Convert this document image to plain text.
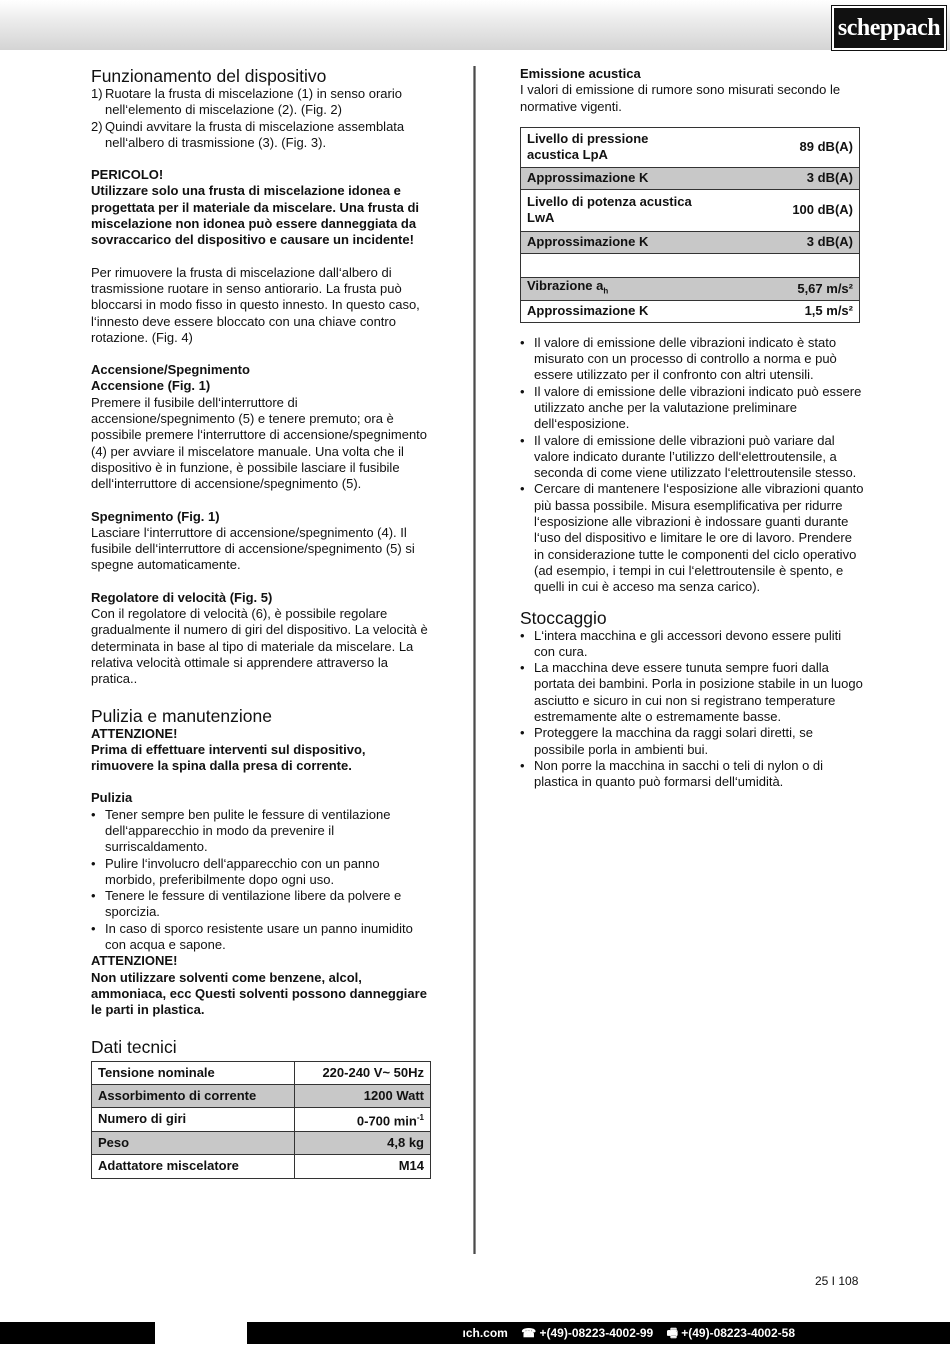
scheppach
Funzionamento del dispositivo
1) Ruotare la frusta di miscelazione (1) in senso orario nell‘elemento di miscelazione (2). (Fig. 2)
2) Quindi avvitare la frusta di miscelazione assemblata nell‘albero di trasmissione (3). (Fig. 3).

PERICOLO!

Utilizzare solo una frusta di miscelazione idonea e progettata per il materiale da miscelare. Una frusta di miscelazione non idonea può essere danneggiata da sovraccarico del dispositivo e causare un incidente!

Per rimuovere la frusta di miscelazione dall‘albero di trasmissione ruotare in senso antiorario. La frusta può bloccarsi in modo fisso in questo innesto. In questo caso, l‘innesto deve essere bloccato con una chiave contro rotazione. (Fig. 4)

Accensione/Spegnimento

Accensione (Fig. 1)

Premere il fusibile dell‘interruttore di accensione/spegnimento (5) e tenere premuto; ora è possibile premere l‘interruttore di accensione/spegnimento (4) per avviare il miscelatore manuale. Una volta che il dispositivo è in funzione, è possibile lasciare il fusibile dell‘interruttore di accensione/spegnimento (5).

Spegnimento (Fig. 1)

Lasciare l‘interruttore di accensione/spegnimento (4). Il fusibile dell‘interruttore di accensione/spegnimento (5) si spegne automaticamente.

Regolatore di velocità (Fig. 5)

Con il regolatore di velocità (6), è possibile regolare gradualmente il numero di giri del dispositivo. La velocità è determinata in base al tipo di materiale da miscelare. La relativa velocità ottimale si apprendere attraverso la pratica..

Pulizia e manutenzione

ATTENZIONE!

Prima di effettuare interventi sul dispositivo, rimuovere la spina dalla presa di corrente.

Pulizia

• Tener sempre ben pulite le fessure di ventilazione dell‘apparecchio in modo da prevenire il surriscaldamento.
• Pulire l‘involucro dell‘apparecchio con un panno morbido, preferibilmente dopo ogni uso.
• Tenere le fessure di ventilazione libere da polvere e sporcizia.
• In caso di sporco resistente usare un panno inumidito con acqua e sapone.

ATTENZIONE!

Non utilizzare solventi come benzene, alcol, ammoniaca, ecc Questi solventi possono danneggiare le parti in plastica.

Dati tecnici
Tensione nominale	220-240 V~ 50Hz
Assorbimento di corrente	1200 Watt
Numero di giri	0-700 $\min^{-1}$
Peso	4,8 kg
Adattatore miscelatore	M14

Emissione acustica

I valori di emissione di rumore sono misurati secondo le normative vigenti.

Livello di pressione acustica LpA	89 dB(A)
Approssimazione K	3 dB(A)
Livello di potenza acustica LwA	100 dB(A)
Approssimazione K	3 dB(A)

Vibrazione $a_h$	5,67 m/s²
Approssimazione K	1,5 m/s²
• Il valore di emissione delle vibrazioni indicato è stato misurato con un processo di controllo a norma e può essere utilizzato per il confronto con altri utensili.
• Il valore di emissione delle vibrazioni indicato può essere utilizzato anche per la valutazione preliminare dell‘esposizione.
• Il valore di emissione delle vibrazioni può variare dal valore indicato durante l’utilizzo dell‘elettroutensile, a seconda di come viene utilizzato l‘elettroutensile stesso.
• Cercare di mantenere l‘esposizione alle vibrazioni quanto più bassa possibile. Misura esemplificativa per ridurre l‘esposizione alle vibrazioni è indossare guanti durante l‘uso del dispositivo e limitare le ore di lavoro. Prendere in considerazione tutte le componenti del ciclo operativo (ad esempio, i tempi in cui l‘elettroutensile è spento, e quelli in cui è acceso ma senza carico).
Stoccaggio
• L‘intera macchina e gli accessori devono essere puliti con cura.
• La macchina deve essere tunuta sempre fuori dalla portata dei bambini. Porla in posizione stabile in un luogo asciutto e sicuro in cui non si registrano temperature estremamente alte o estremamente basse.
• Proteggere la macchina da raggi solari diretti, se possibile porla in ambienti bui.
• Non porre la macchina in sacchi o teli di nylon o di plastica in quanto può formarsi dell‘umidità.
25 I 108
ıch.com ☎ +(49)-08223-4002-99 🖷 +(49)-08223-4002-58
